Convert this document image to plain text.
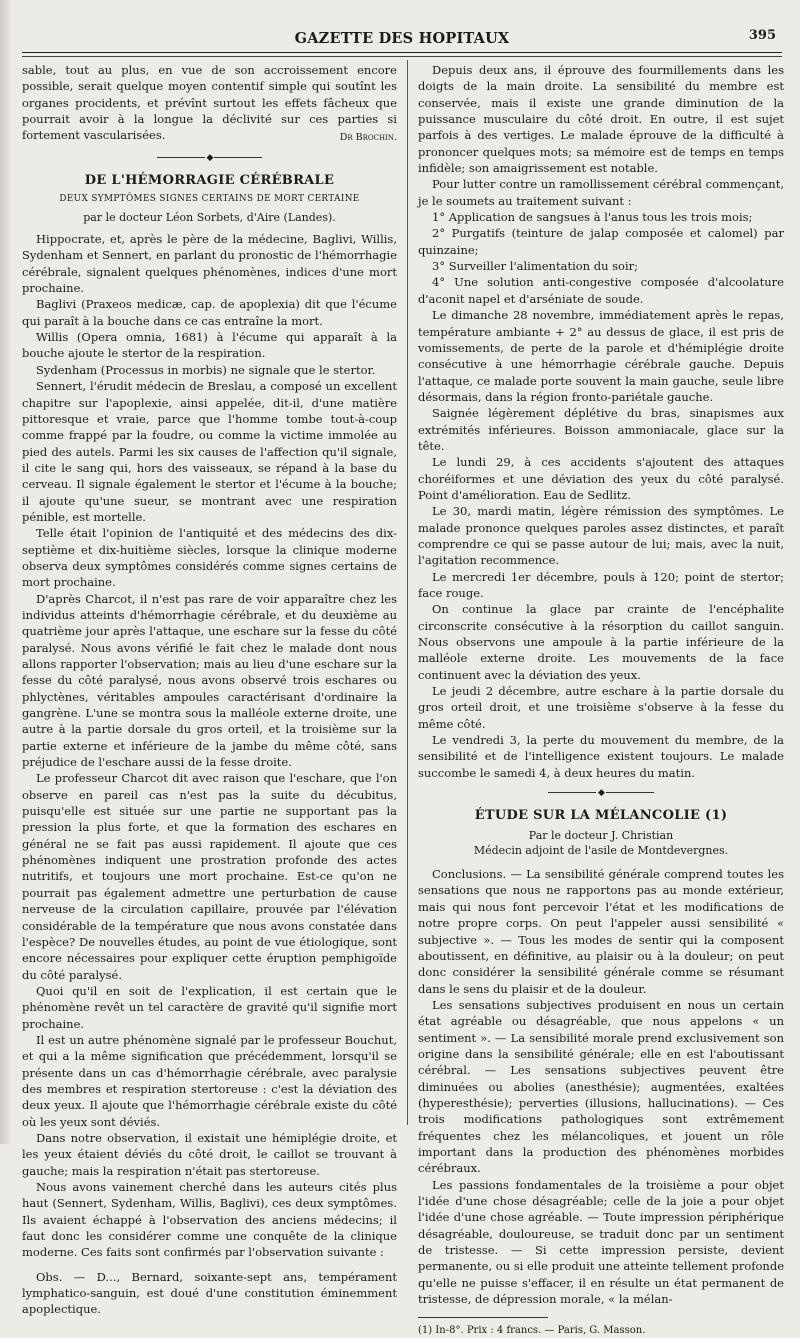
GAZETTE DES HOPITAUX	395

sable, tout au plus, en vue de son accroissement encore possible, serait quelque moyen contentif simple qui soutînt les organes procidents, et prévînt surtout les effets fâcheux que pourrait avoir à la longue la déclivité sur ces parties si fortement vascularisées.	Dr Brochin.
◆
DE L'HÉMORRAGIE CÉRÉBRALE
DEUX SYMPTÔMES SIGNES CERTAINS DE MORT CERTAINE
par le docteur Léon Sorbets, d'Aire (Landes).

Hippocrate, et, après le père de la médecine, Baglivi, Willis, Sydenham et Sennert, en parlant du pronostic de l'hémorrhagie cérébrale, signalent quelques phénomènes, indices d'une mort prochaine.

Baglivi (Praxeos medicæ, cap. de apoplexia) dit que l'écume qui paraît à la bouche dans ce cas entraîne la mort.

Willis (Opera omnia, 1681) à l'écume qui apparaît à la bouche ajoute le stertor de la respiration.

Sydenham (Processus in morbis) ne signale que le stertor.

Sennert, l'érudit médecin de Breslau, a composé un excellent chapitre sur l'apoplexie, ainsi appelée, dit-il, d'une matière pittoresque et vraie, parce que l'homme tombe tout-à-coup comme frappé par la foudre, ou comme la victime immolée au pied des autels. Parmi les six causes de l'affection qu'il signale, il cite le sang qui, hors des vaisseaux, se répand à la base du cerveau. Il signale également le stertor et l'écume à la bouche; il ajoute qu'une sueur, se montrant avec une respiration pénible, est mortelle.

Telle était l'opinion de l'antiquité et des médecins des dix-septième et dix-huitième siècles, lorsque la clinique moderne observa deux symptômes considérés comme signes certains de mort prochaine.

D'après Charcot, il n'est pas rare de voir apparaître chez les individus atteints d'hémorrhagie cérébrale, et du deuxième au quatrième jour après l'attaque, une eschare sur la fesse du côté paralysé. Nous avons vérifié le fait chez le malade dont nous allons rapporter l'observation; mais au lieu d'une eschare sur la fesse du côté paralysé, nous avons observé trois eschares ou phlyctènes, véritables ampoules caractérisant d'ordinaire la gangrène. L'une se montra sous la malléole externe droite, une autre à la partie dorsale du gros orteil, et la troisième sur la partie externe et inférieure de la jambe du même côté, sans préjudice de l'eschare aussi de la fesse droite.

Le professeur Charcot dit avec raison que l'eschare, que l'on observe en pareil cas n'est pas la suite du décubitus, puisqu'elle est située sur une partie ne supportant pas la pression la plus forte, et que la formation des eschares en général ne se fait pas aussi rapidement. Il ajoute que ces phénomènes indiquent une prostration profonde des actes nutritifs, et toujours une mort prochaine. Est-ce qu'on ne pourrait pas également admettre une perturbation de cause nerveuse de la circulation capillaire, prouvée par l'élévation considérable de la température que nous avons constatée dans l'espèce? De nouvelles études, au point de vue étiologique, sont encore nécessaires pour expliquer cette éruption pemphigoïde du côté paralysé.

Quoi qu'il en soit de l'explication, il est certain que le phénomène revêt un tel caractère de gravité qu'il signifie mort prochaine.

Il est un autre phénomène signalé par le professeur Bouchut, et qui a la même signification que précédemment, lorsqu'il se présente dans un cas d'hémorrhagie cérébrale, avec paralysie des membres et respiration stertoreuse : c'est la déviation des deux yeux. Il ajoute que l'hémorrhagie cérébrale existe du côté où les yeux sont déviés.

Dans notre observation, il existait une hémiplégie droite, et les yeux étaient déviés du côté droit, le caillot se trouvant à gauche; mais la respiration n'était pas stertoreuse.

Nous avons vainement cherché dans les auteurs cités plus haut (Sennert, Sydenham, Willis, Baglivi), ces deux symptômes. Ils avaient échappé à l'observation des anciens médecins; il faut donc les considérer comme une conquête de la clinique moderne. Ces faits sont confirmés par l'observation suivante :

Obs. — D..., Bernard, soixante-sept ans, tempérament lymphatico-sanguin, est doué d'une constitution éminemment apoplectique.

Depuis deux ans, il éprouve des fourmillements dans les doigts de la main droite. La sensibilité du membre est conservée, mais il existe une grande diminution de la puissance musculaire du côté droit. En outre, il est sujet parfois à des vertiges. Le malade éprouve de la difficulté à prononcer quelques mots; sa mémoire est de temps en temps infidèle; son amaigrissement est notable.

Pour lutter contre un ramollissement cérébral commençant, je le soumets au traitement suivant :

1° Application de sangsues à l'anus tous les trois mois;

2° Purgatifs (teinture de jalap composée et calomel) par quinzaine;

3° Surveiller l'alimentation du soir;

4° Une solution anti-congestive composée d'alcoolature d'aconit napel et d'arséniate de soude.

Le dimanche 28 novembre, immédiatement après le repas, température ambiante + 2° au dessus de glace, il est pris de vomissements, de perte de la parole et d'hémiplégie droite consécutive à une hémorrhagie cérébrale gauche. Depuis l'attaque, ce malade porte souvent la main gauche, seule libre désormais, dans la région fronto-pariétale gauche.

Saignée légèrement déplétive du bras, sinapismes aux extrémités inférieures. Boisson ammoniacale, glace sur la tête.

Le lundi 29, à ces accidents s'ajoutent des attaques choréiformes et une déviation des yeux du côté paralysé. Point d'amélioration. Eau de Sedlitz.

Le 30, mardi matin, légère rémission des symptômes. Le malade prononce quelques paroles assez distinctes, et paraît comprendre ce qui se passe autour de lui; mais, avec la nuit, l'agitation recommence.

Le mercredi 1er décembre, pouls à 120; point de stertor; face rouge.

On continue la glace par crainte de l'encéphalite circonscrite consécutive à la résorption du caillot sanguin. Nous observons une ampoule à la partie inférieure de la malléole externe droite. Les mouvements de la face continuent avec la déviation des yeux.

Le jeudi 2 décembre, autre eschare à la partie dorsale du gros orteil droit, et une troisième s'observe à la fesse du même côté.

Le vendredi 3, la perte du mouvement du membre, de la sensibilité et de l'intelligence existent toujours. Le malade succombe le samedi 4, à deux heures du matin.

◆
ÉTUDE SUR LA MÉLANCOLIE (1)
Par le docteur J. Christian
Médecin adjoint de l'asile de Montdevergnes.

Conclusions. — La sensibilité générale comprend toutes les sensations que nous ne rapportons pas au monde extérieur, mais qui nous font percevoir l'état et les modifications de notre propre corps. On peut l'appeler aussi sensibilité « subjective ». — Tous les modes de sentir qui la composent aboutissent, en définitive, au plaisir ou à la douleur; on peut donc considérer la sensibilité générale comme se résumant dans le sens du plaisir et de la douleur.

Les sensations subjectives produisent en nous un certain état agréable ou désagréable, que nous appelons « un sentiment ». — La sensibilité morale prend exclusivement son origine dans la sensibilité générale; elle en est l'aboutissant cérébral. — Les sensations subjectives peuvent être diminuées ou abolies (anesthésie); augmentées, exaltées (hyperesthésie); perverties (illusions, hallucinations). — Ces trois modifications pathologiques sont extrêmement fréquentes chez les mélancoliques, et jouent un rôle important dans la production des phénomènes morbides cérébraux.

Les passions fondamentales de la troisième a pour objet l'idée d'une chose désagréable; celle de la joie a pour objet l'idée d'une chose agréable. — Toute impression périphérique désagréable, douloureuse, se traduit donc par un sentiment de tristesse. — Si cette impression persiste, devient permanente, ou si elle produit une atteinte tellement profonde qu'elle ne puisse s'effacer, il en résulte un état permanent de tristesse, de dépression morale, « la mélan-

(1) In-8°. Prix : 4 francs. — Paris, G. Masson.
